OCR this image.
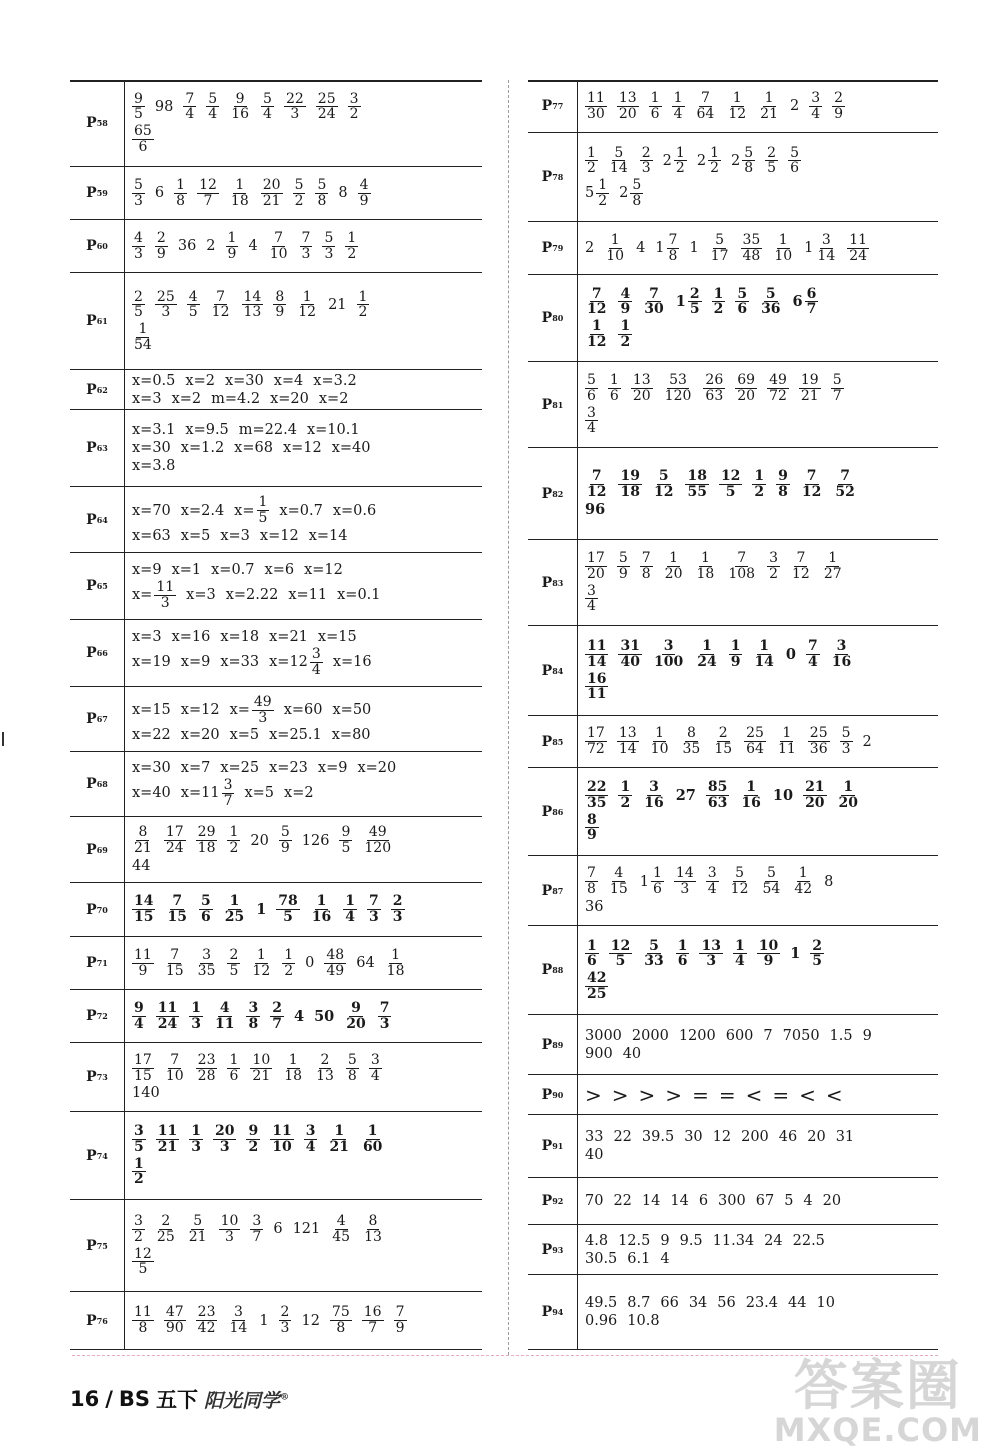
P 58
$\frac{9}{5} 98 \frac{7}{4} \frac{5}{4} \frac{9}{16} \frac{5}{4} \frac{22}{3} \frac{25}{24} \frac{3}{2}$
$\frac{65}{6}$
P $59 \frac{5}{3} 6 \frac{1}{8} \frac{12}{7} \frac{1}{18} \frac{20}{21} \frac{5}{2} \frac{5}{8} 8 \frac{4}{9}$
P $60 \frac{4}{3} \frac{2}{9} 36$ $2 \frac{1}{9} 4 \frac{7}{10} \frac{7}{3} \frac{5}{3} \frac{1}{2}$
P 61
$\frac{2}{5} \frac{25}{3} \frac{4}{5} \frac{7}{12} \frac{14}{13} \frac{8}{9} \frac{1}{12} 21 \frac{1}{2}$
$\frac{1}{54}$
P 62
x=0.5 x=2 x=30 x=4 x=3.2
x=3 x=2 m=4.2 x=20 x=2
P 63
x=3.1 x=9.5 m=22.4 x=10.1
x=30 x=1.2 x=68 x=12 x=40
x=3.8
P 64
x=70 x=2.4 $x= \frac{1}{5} x=0.7$ x=0.6
x=63 x=5 x=3 x=12 x=14
P 65
x=9 x=1 x=0.7 x=6 x=12
$x= \frac{11}{3} x=3$ x=2.22 x=11 x=0.1
P 66
x=3 x=16 x=18 x=21 x=15
x=19 x=9 x=33 $x=12 \frac{3}{4} x=16$
P 67
x=15 x=12 $x= \frac{49}{3} x=60$ x=50
x=22 x=20 x=5 x=25.1 x=80
P 68
x=30 x=7 x=25 x=23 x=9 x=20
x=40 $x=11 \frac{3}{7} x=5$ x=2
P $69 \frac{8}{21} \frac{17}{24} \frac{29}{18} \frac{1}{2} 20 \frac{5}{9} 126 \frac{9}{5} \frac{49}{120}$
44
P $70 \frac{14}{15} \frac{7}{15} \frac{5}{6} \frac{1}{25} 1 \frac{78}{5} \frac{1}{16} \frac{1}{4} \frac{7}{3} \frac{2}{3}$
P $71 \frac{11}{9} \frac{7}{15} \frac{3}{35} \frac{2}{5} \frac{1}{12} \frac{1}{2} 0 \frac{48}{49} 64 \frac{1}{18}$
P $72 \frac{9}{4} \frac{11}{24} \frac{1}{3} \frac{4}{11} \frac{3}{8} \frac{2}{7} 4$ $50 \frac{9}{20} \frac{7}{3}$
P $73 \frac{17}{15} \frac{7}{10} \frac{23}{28} \frac{1}{6} \frac{10}{21} \frac{1}{18} \frac{2}{13} \frac{5}{8} \frac{3}{4}$
140
P 74
$\frac{3}{5} \frac{11}{21} \frac{1}{3} \frac{20}{3} \frac{9}{2} \frac{11}{10} \frac{3}{4} \frac{1}{21} \frac{1}{60}$
$\frac{1}{2}$
P 75
$\frac{3}{2} \frac{2}{25} \frac{5}{21} \frac{10}{3} \frac{3}{7} 6$ $121 \frac{4}{45} \frac{8}{13}$
$\frac{12}{5}$
P $76 \frac{11}{8} \frac{47}{90} \frac{23}{42} \frac{3}{14} 1 \frac{2}{3} 12 \frac{75}{8} \frac{16}{7} \frac{7}{9}$
P $77 \frac{11}{30} \frac{13}{20} \frac{1}{6} \frac{1}{4} \frac{7}{64} \frac{1}{12} \frac{1}{21} 2 \frac{3}{4} \frac{2}{9}$
P 78
$\frac{1}{2} \frac{5}{14} \frac{2}{3} 2 \frac{1}{2} 2 \frac{1}{2} 2 \frac{5}{8} \frac{2}{5} \frac{5}{6}$
$5 \frac{1}{2} 2 \frac{5}{8}$
P 79 $2 \frac{1}{10} 4$ $1 \frac{7}{8} 1 \frac{5}{17} \frac{35}{48} \frac{1}{10} 1 \frac{3}{14} \frac{11}{24}$
P 80
$\frac{7}{12} \frac{4}{9} \frac{7}{30} 1 \frac{2}{5} \frac{1}{2} \frac{5}{6} \frac{5}{36} 6 \frac{6}{7}$
$\frac{1}{12} \frac{1}{2}$
P 81
$\frac{5}{6} \frac{1}{6} \frac{13}{20} \frac{53}{120} \frac{26}{63} \frac{69}{20} \frac{49}{72} \frac{19}{21} \frac{5}{7}$
$\frac{3}{4}$
P $82 \frac{7}{12} \frac{19}{18} \frac{5}{12} \frac{18}{55} \frac{12}{5} \frac{1}{2} \frac{9}{8} \frac{7}{12} \frac{7}{52}$
96
P 83
$\frac{17}{20} \frac{5}{9} \frac{7}{8} \frac{1}{20} \frac{1}{18} \frac{7}{108} \frac{3}{2} \frac{7}{12} \frac{1}{27}$
$\frac{3}{4}$
P 84
$\frac{11}{14} \frac{31}{40} \frac{3}{100} \frac{1}{24} \frac{1}{9} \frac{1}{14} 0 \frac{7}{4} \frac{3}{16}$
$\frac{16}{11}$
P $85 \frac{17}{72} \frac{13}{14} \frac{1}{10} \frac{8}{35} \frac{2}{15} \frac{25}{64} \frac{1}{11} \frac{25}{36} \frac{5}{3} 2$
P 86
$\frac{22}{35} \frac{1}{2} \frac{3}{16} 27 \frac{85}{63} \frac{1}{16} 10 \frac{21}{20} \frac{1}{20}$
$\frac{8}{9}$
P $87 \frac{7}{8} \frac{4}{15} 1 \frac{1}{6} \frac{14}{3} \frac{3}{4} \frac{5}{12} \frac{5}{54} \frac{1}{42} 8$
36
P 88
$\frac{1}{6} \frac{12}{5} \frac{5}{33} \frac{1}{6} \frac{13}{3} \frac{1}{4} \frac{10}{9} 1 \frac{2}{5}$
$\frac{42}{25}$
P 89
3000 2000 1200 600 7 7050 1.5 9
900 40
P 90 > > > > = = < = < <
P 91
33 22 39.5 30 12 200 46 20 31
40
P 92 70 22 14 14 6 300 67 5 4 20
P 93
4.8 12.5 9 9.5 11.34 24 22.5
30.5 6.1 4
P 94
49.5 8.7 66 34 56 23.4 44 10
0.96 10.8
16 / BS 五下 阳光同学®	答案圈
MXQE.COM
